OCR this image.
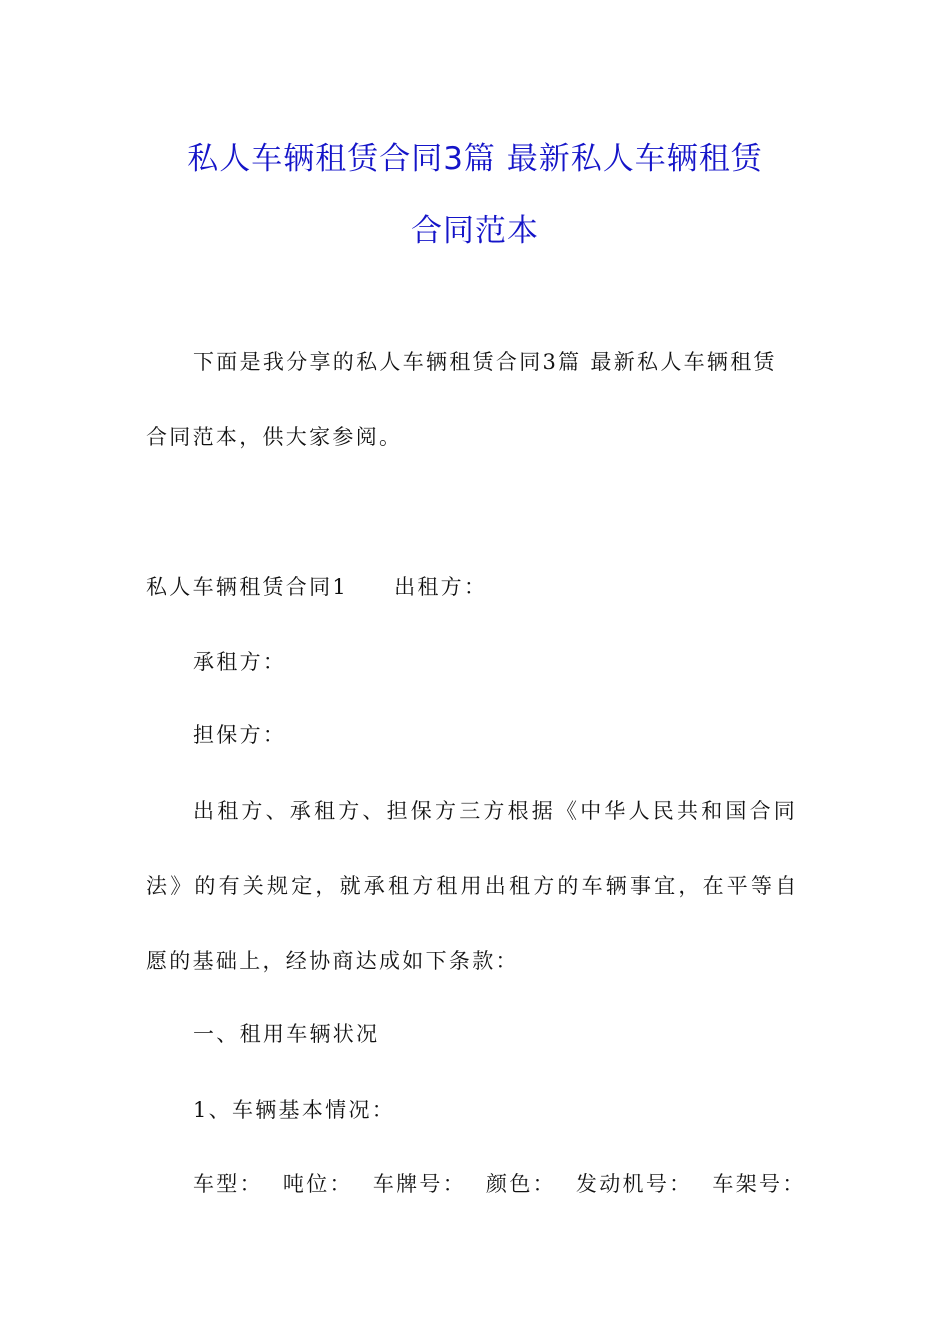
私人车辆租赁合同3篇 最新私人车辆租赁
合同范本
下面是我分享的私人车辆租赁合同3篇 最新私人车辆租赁
合同范本，供大家参阅。
私人车辆租赁合同1 出租方：
承租方：
担保方：
出租方、承租方、担保方三方根据《中华人民共和国合同
法》的有关规定，就承租方租用出租方的车辆事宜，在平等自
愿的基础上，经协商达成如下条款：
一、租用车辆状况
1、车辆基本情况：
车型： 吨位： 车牌号： 颜色： 发动机号： 车架号：
